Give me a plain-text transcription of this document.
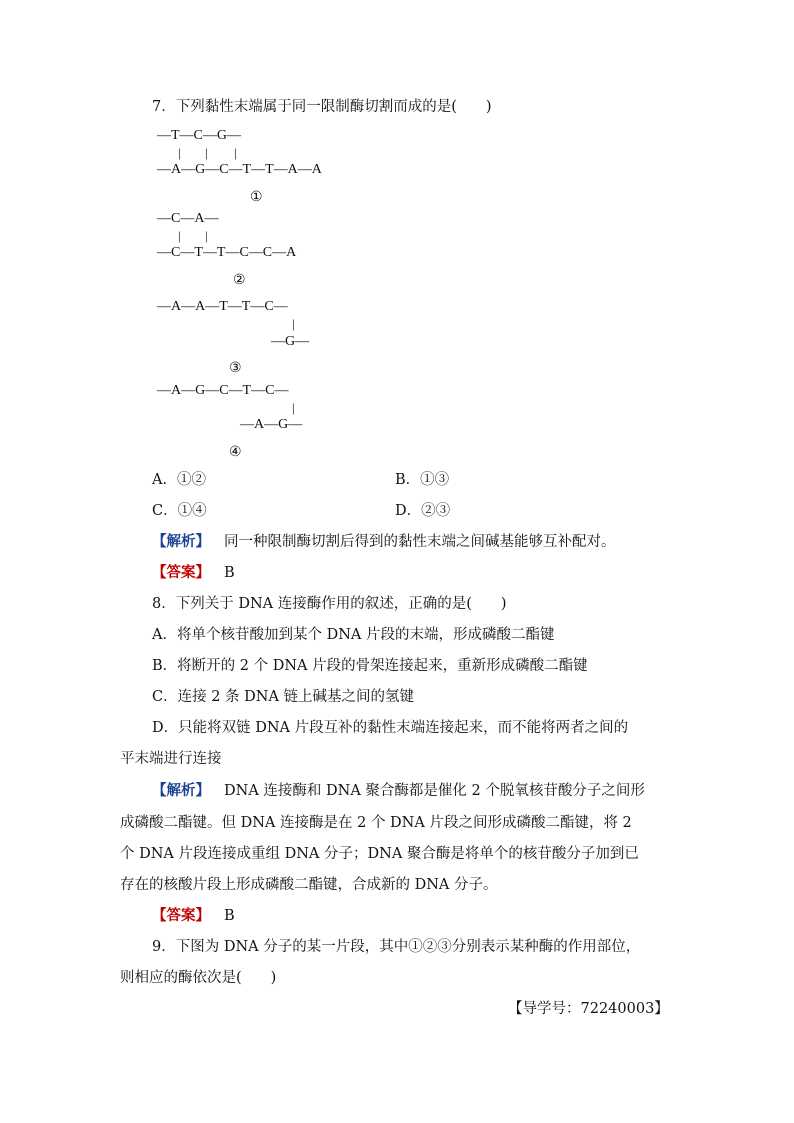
7．下列黏性末端属于同一限制酶切割而成的是(　　)
—T—C—G—
| | |
—A—G—C—T—T—A—A
①
—C—A—
| |
—C—T—T—C—C—A
②
—A—A—T—T—C—
|
—G—
③
—A—G—C—T—C—
|
—A—G—
④
A．①②	B．①③
C．①④	D．②③
【解析】 同一种限制酶切割后得到的黏性末端之间碱基能够互补配对。
【答案】 B
8．下列关于 DNA 连接酶作用的叙述，正确的是(　　)
A．将单个核苷酸加到某个 DNA 片段的末端，形成磷酸二酯键
B．将断开的 2 个 DNA 片段的骨架连接起来，重新形成磷酸二酯键
C．连接 2 条 DNA 链上碱基之间的氢键
D．只能将双链 DNA 片段互补的黏性末端连接起来，而不能将两者之间的
平末端进行连接
【解析】 DNA 连接酶和 DNA 聚合酶都是催化 2 个脱氧核苷酸分子之间形
成磷酸二酯键。但 DNA 连接酶是在 2 个 DNA 片段之间形成磷酸二酯键，将 2
个 DNA 片段连接成重组 DNA 分子；DNA 聚合酶是将单个的核苷酸分子加到已
存在的核酸片段上形成磷酸二酯键，合成新的 DNA 分子。
【答案】 B
9．下图为 DNA 分子的某一片段，其中①②③分别表示某种酶的作用部位，
则相应的酶依次是(　　)
【导学号：72240003】
